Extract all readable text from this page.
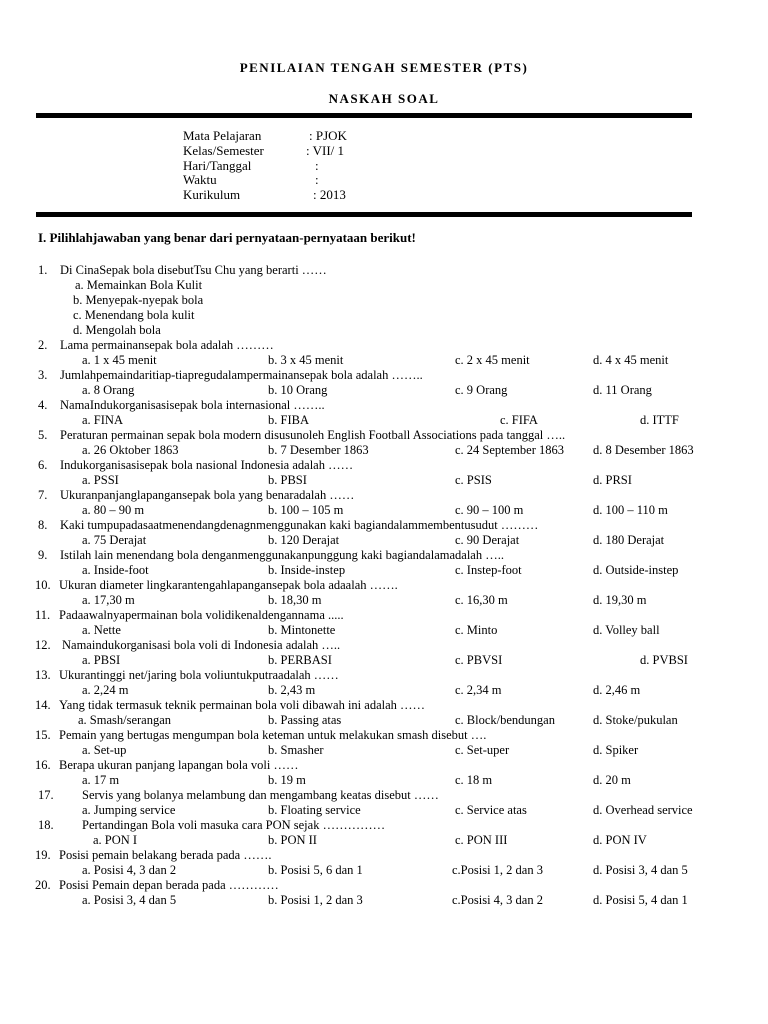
PENILAIAN TENGAH SEMESTER (PTS)
NASKAH SOAL
Mata Pelajaran	: PJOK
Kelas/Semester	: VII/ 1
Hari/Tanggal	:
Waktu	:
Kurikulum	: 2013
I. Pilihlahjawaban yang benar dari pernyataan-pernyataan berikut!
1. Di CinaSepak bola disebutTsu Chu yang berarti ……
a. Memainkan Bola Kulit
b. Menyepak-nyepak bola
c. Menendang bola kulit
d. Mengolah bola
2. Lama permainansepak bola adalah ………
a. 1 x 45 menit	b. 3 x 45 menit	c. 2 x 45 menit	d. 4 x 45 menit
3. Jumlahpemaindaritiap-tiapregudalampermainansepak bola adalah ……..
a. 8 Orang	b. 10 Orang	c. 9 Orang	d. 11 Orang
4. NamaIndukorganisasisepak bola internasional ……..
a. FINA	b. FIBA	c. FIFA	d. ITTF
5. Peraturan permainan sepak bola modern disusunoleh English Football Associations pada tanggal …..
a. 26 Oktober 1863	b. 7 Desember 1863	c. 24 September 1863 d. 8 Desember 1863
6. Indukorganisasisepak bola nasional Indonesia adalah ……
a. PSSI	b. PBSI	c. PSIS	d. PRSI
7. Ukuranpanjanglapangansepak bola yang benaradalah ……
a. 80 – 90 m	b. 100 – 105 m	c. 90 – 100 m	d. 100 – 110 m
8. Kaki tumpupadasaatmenendangdenagnmenggunakan kaki bagiandalammembentusudut ………
a. 75 Derajat	b. 120 Derajat	c. 90 Derajat	d. 180 Derajat
9. Istilah lain menendang bola denganmenggunakanpunggung kaki bagiandalamadalah …..
a. Inside-foot	b. Inside-instep	c. Instep-foot	d. Outside-instep
10. Ukuran diameter lingkarantengahlapangansepak bola adaalah …….
a. 17,30 m	b. 18,30 m	c. 16,30 m	d. 19,30 m
11. Padaawalnyapermainan bola volidikenaldengannama .....
a. Nette	b. Mintonette	c. Minto	d. Volley ball
12. Namaindukorganisasi bola voli di Indonesia adalah …..
a. PBSI	b. PERBASI	c. PBVSI	d. PVBSI
13. Ukurantinggi net/jaring bola voliuntukputraadalah ……
a. 2,24 m	b. 2,43 m	c. 2,34 m	d. 2,46 m
14. Yang tidak termasuk teknik permainan bola voli dibawah ini adalah ……
a. Smash/serangan	b. Passing atas	c. Block/bendungan	d. Stoke/pukulan
15. Pemain yang bertugas mengumpan bola keteman untuk melakukan smash disebut ….
a. Set-up	b. Smasher	c. Set-uper	d. Spiker
16. Berapa ukuran panjang lapangan bola voli ……
a. 17 m	b. 19 m	c. 18 m	d. 20 m
17. Servis yang bolanya melambung dan mengambang keatas disebut ……
a. Jumping service	b. Floating service	c. Service atas	d. Overhead service
18. Pertandingan Bola voli masuka cara PON sejak ……………
a. PON I	b. PON II	c. PON III	d. PON IV
19. Posisi pemain belakang berada pada …….
a. Posisi 4, 3 dan 2	b. Posisi 5, 6 dan 1	c.Posisi 1, 2 dan 3	d. Posisi 3, 4 dan 5
20. Posisi Pemain depan berada pada …………
a. Posisi 3, 4 dan 5	b. Posisi 1, 2 dan 3	c.Posisi 4, 3 dan 2	d. Posisi 5, 4 dan 1
